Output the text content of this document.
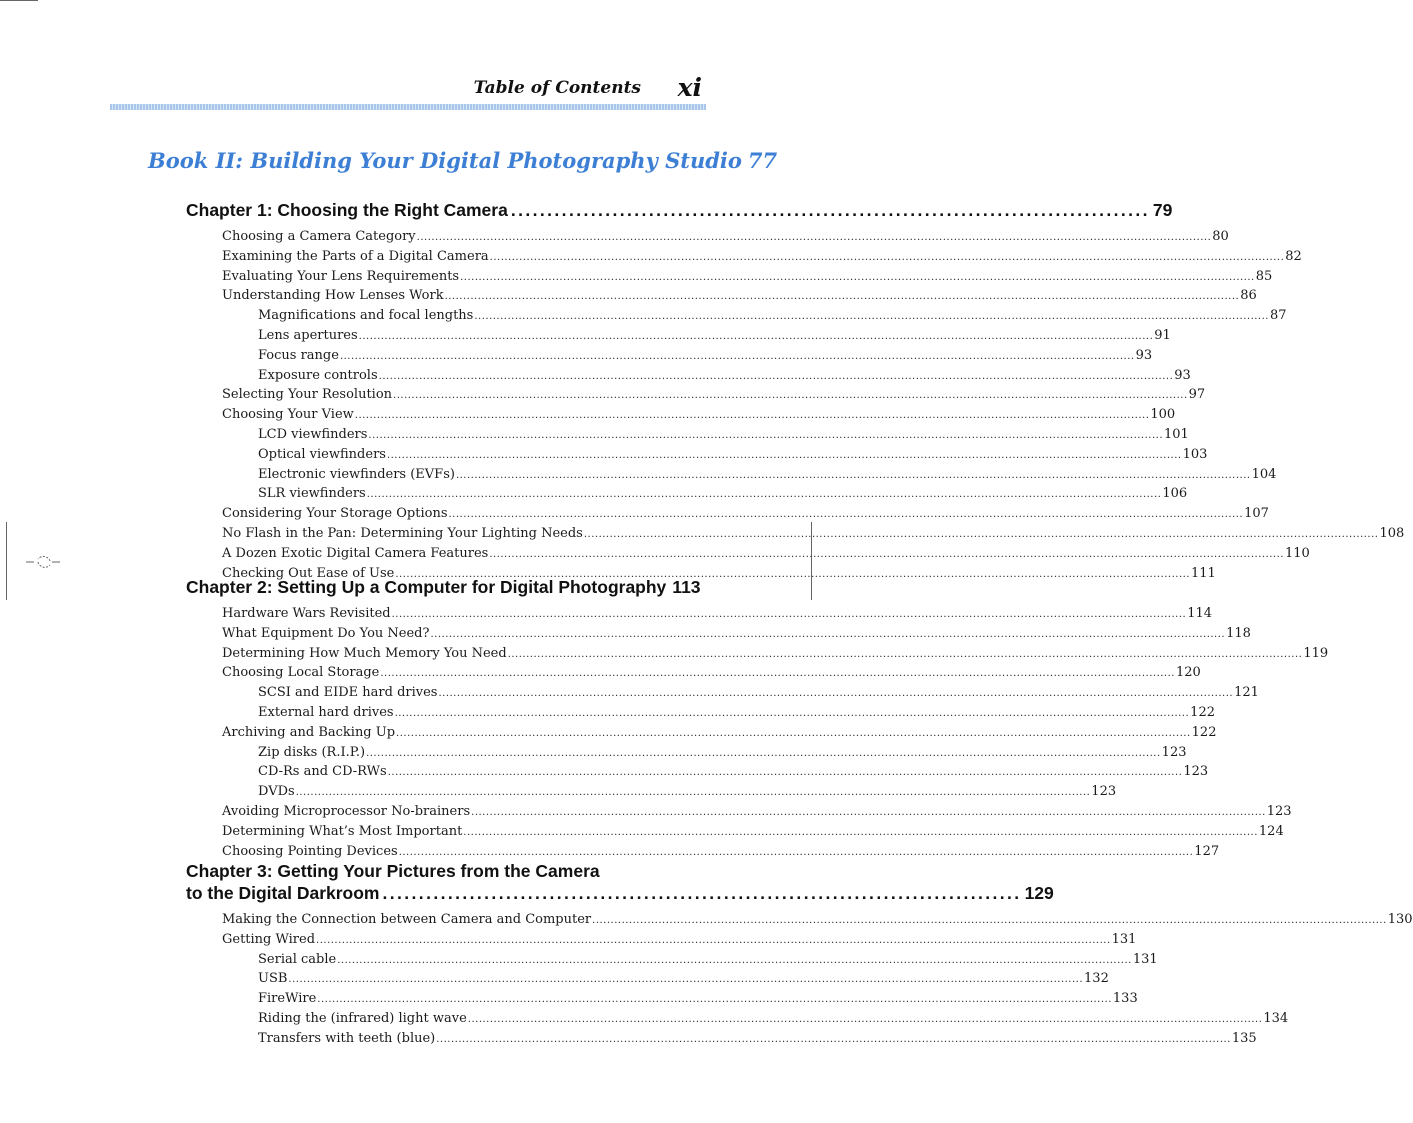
Table of Contents xi
Book II: Building Your Digital Photography Studio 77
Chapter 1: Choosing the Right Camera ........................................................................................ 79
Choosing a Camera Category .....	80
Examining the Parts of a Digital Camera .....	82
Evaluating Your Lens Requirements .....	85
Understanding How Lenses Work .....	86
Magnifications and focal lengths .....	87
Lens apertures .....	91
Focus range .....	93
Exposure controls .....	93
Selecting Your Resolution .....	97
Choosing Your View .....	100
LCD viewfinders .....	101
Optical viewfinders .....	103
Electronic viewfinders (EVFs) .....	104
SLR viewfinders .....	106
Considering Your Storage Options .....	107
No Flash in the Pan: Determining Your Lighting Needs .....	108
A Dozen Exotic Digital Camera Features .....	110
Checking Out Ease of Use .....	111
Chapter 2: Setting Up a Computer for Digital Photography 113
Hardware Wars Revisited .....	114
What Equipment Do You Need? .....	118
Determining How Much Memory You Need .....	119
Choosing Local Storage .....	120
SCSI and EIDE hard drives .....	121
External hard drives .....	122
Archiving and Backing Up .....	122
Zip disks (R.I.P.) .....	123
CD-Rs and CD-RWs .....	123
DVDs .....	123
Avoiding Microprocessor No-brainers .....	123
Determining What’s Most Important .....	124
Choosing Pointing Devices .....	127
Chapter 3: Getting Your Pictures from the Camera
to the Digital Darkroom ........................................................................................ 129
Making the Connection between Camera and Computer .....	130
Getting Wired .....	131
Serial cable .....	131
USB .....	132
FireWire .....	133
Riding the (infrared) light wave .....	134
Transfers with teeth (blue) .....	135
